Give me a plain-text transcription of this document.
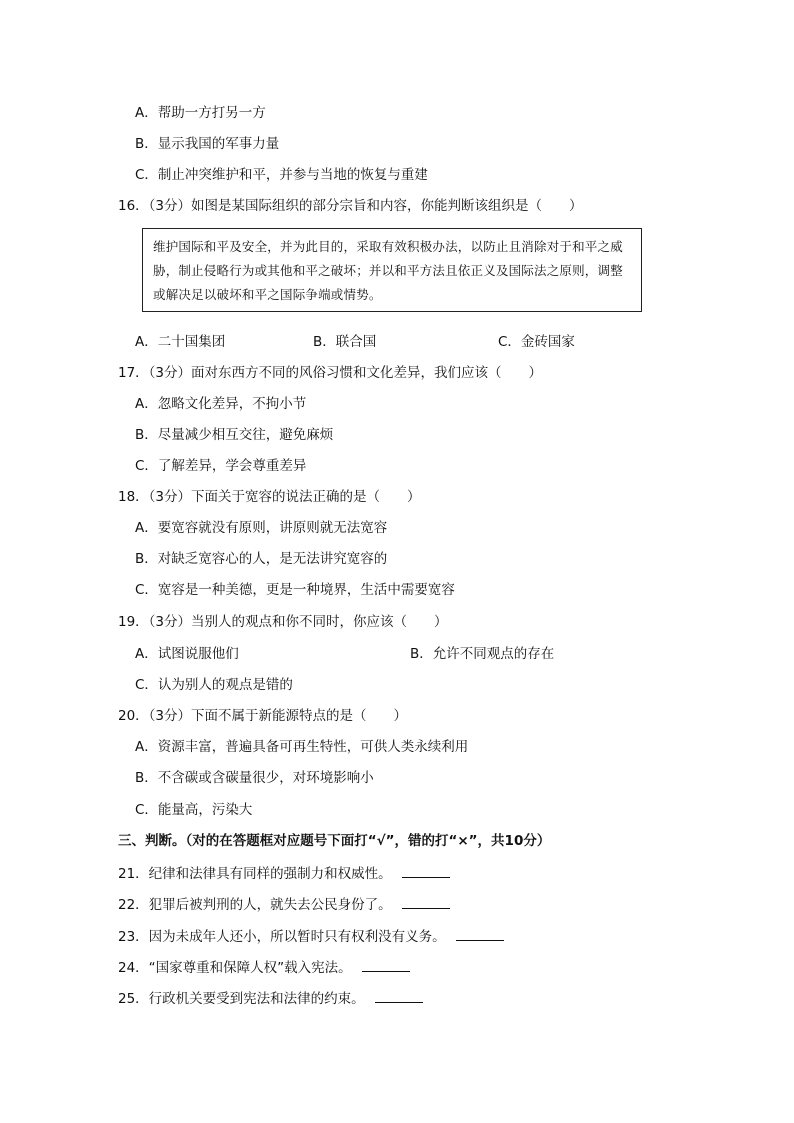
A．帮助一方打另一方
B．显示我国的军事力量
C．制止冲突维护和平，并参与当地的恢复与重建
16．（3分）如图是某国际组织的部分宗旨和内容，你能判断该组织是（　　）
维护国际和平及安全，并为此目的，采取有效积极办法，以防止且消除对于和平之威胁，制止侵略行为或其他和平之破坏；并以和平方法且依正义及国际法之原则，调整或解决足以破坏和平之国际争端或情势。
A．二十国集团	B．联合国	C．金砖国家
17．（3分）面对东西方不同的风俗习惯和文化差异，我们应该（　　）
A．忽略文化差异，不拘小节
B．尽量减少相互交往，避免麻烦
C．了解差异，学会尊重差异
18．（3分）下面关于宽容的说法正确的是（　　）
A．要宽容就没有原则，讲原则就无法宽容
B．对缺乏宽容心的人，是无法讲究宽容的
C．宽容是一种美德，更是一种境界，生活中需要宽容
19．（3分）当别人的观点和你不同时，你应该（　　）
A．试图说服他们	B．允许不同观点的存在
C．认为别人的观点是错的
20．（3分）下面不属于新能源特点的是（　　）
A．资源丰富，普遍具备可再生特性，可供人类永续利用
B．不含碳或含碳量很少，对环境影响小
C．能量高，污染大
三、判断。（对的在答题框对应题号下面打“√”，错的打“×”，共10分）
21．纪律和法律具有同样的强制力和权威性。
22．犯罪后被判刑的人，就失去公民身份了。
23．因为未成年人还小，所以暂时只有权利没有义务。
24．“国家尊重和保障人权”载入宪法。
25．行政机关要受到宪法和法律的约束。
